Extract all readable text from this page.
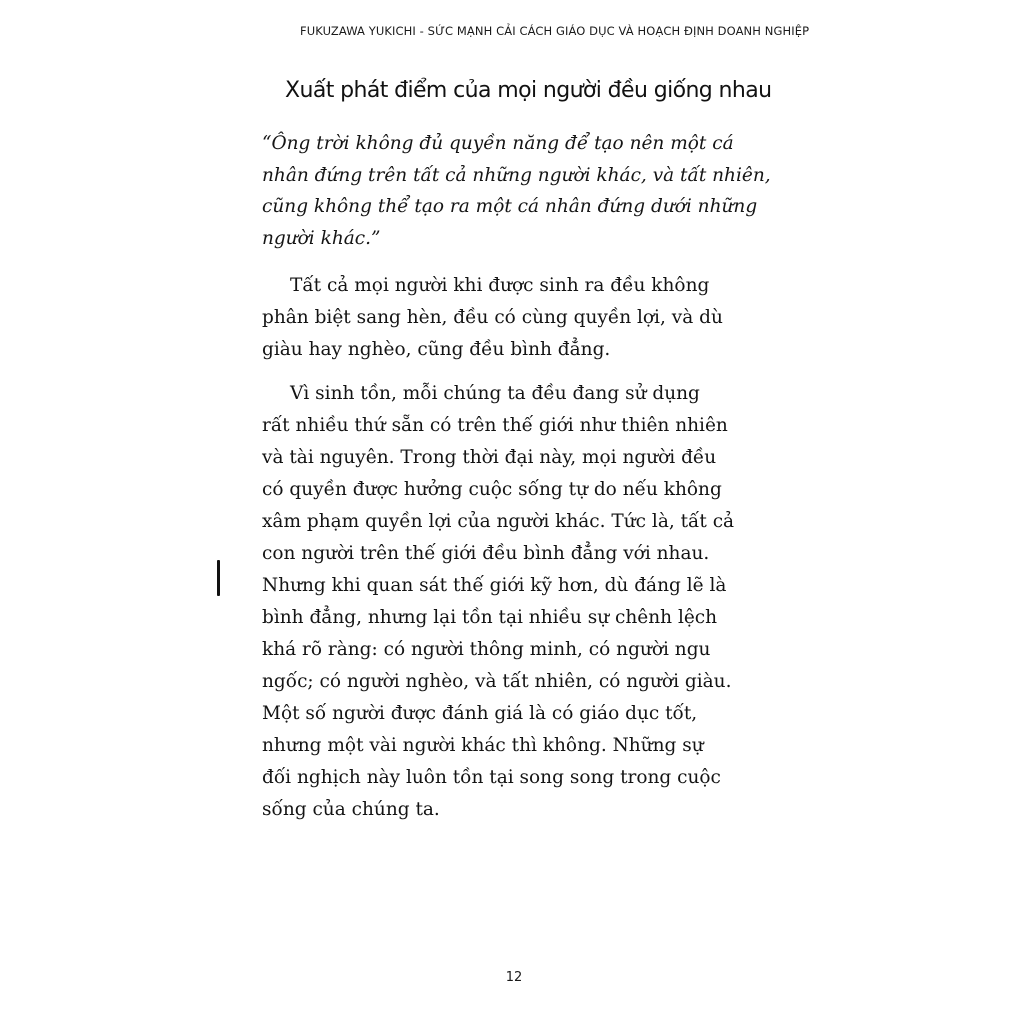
FUKUZAWA YUKICHI - SỨC MẠNH CẢI CÁCH GIÁO DỤC VÀ HOẠCH ĐỊNH DOANH NGHIỆP
Xuất phát điểm của mọi người đều giống nhau

“Ông trời không đủ quyền năng để tạo nên một cá
nhân đứng trên tất cả những người khác, và tất nhiên,
cũng không thể tạo ra một cá nhân đứng dưới những
người khác.”

Tất cả mọi người khi được sinh ra đều không
phân biệt sang hèn, đều có cùng quyền lợi, và dù
giàu hay nghèo, cũng đều bình đẳng.

Vì sinh tồn, mỗi chúng ta đều đang sử dụng
rất nhiều thứ sẵn có trên thế giới như thiên nhiên
và tài nguyên. Trong thời đại này, mọi người đều
có quyền được hưởng cuộc sống tự do nếu không
xâm phạm quyền lợi của người khác. Tức là, tất cả
con người trên thế giới đều bình đẳng với nhau.
Nhưng khi quan sát thế giới kỹ hơn, dù đáng lẽ là
bình đẳng, nhưng lại tồn tại nhiều sự chênh lệch
khá rõ ràng: có người thông minh, có người ngu
ngốc; có người nghèo, và tất nhiên, có người giàu.
Một số người được đánh giá là có giáo dục tốt,
nhưng một vài người khác thì không. Những sự
đối nghịch này luôn tồn tại song song trong cuộc
sống của chúng ta.

12
